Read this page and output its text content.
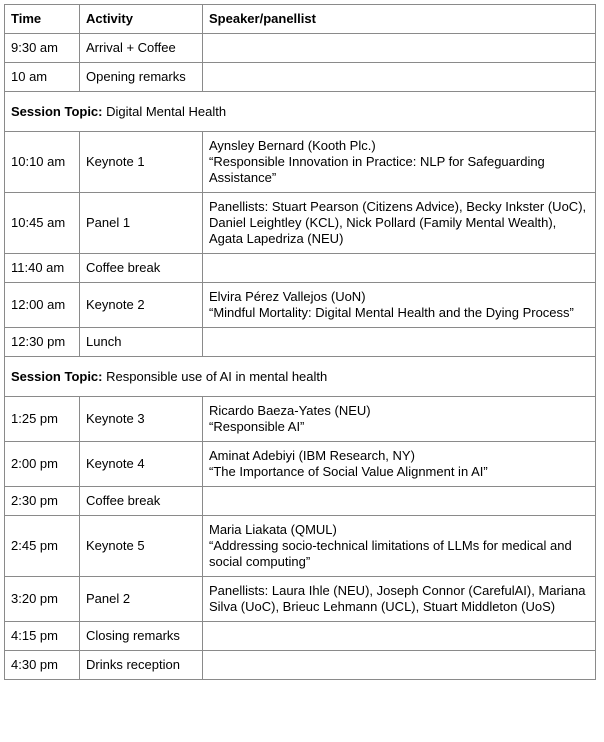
Time	Activity	Speaker/panellist
9:30 am	Arrival + Coffee	
10 am	Opening remarks	
Session Topic: Digital Mental Health		
10:10 am	Keynote 1	Aynsley Bernard (Kooth Plc.)
“Responsible Innovation in Practice: NLP for Safeguarding Assistance”

10:45 am	Panel 1	Panellists: Stuart Pearson (Citizens Advice), Becky Inkster (UoC), Daniel Leightley (KCL), Nick Pollard (Family Mental Wealth), Agata Lapedriza (NEU)

11:40 am	Coffee break	
12:00 am	Keynote 2	Elvira Pérez Vallejos (UoN)
“Mindful Mortality: Digital Mental Health and the Dying Process”

12:30 pm	Lunch	
Session Topic: Responsible use of AI in mental health		
1:25 pm	Keynote 3	Ricardo Baeza-Yates (NEU)
“Responsible AI”

2:00 pm	Keynote 4	Aminat Adebiyi (IBM Research, NY)
“The Importance of Social Value Alignment in AI”

2:30 pm	Coffee break	
2:45 pm	Keynote 5	Maria Liakata (QMUL)
“Addressing socio-technical limitations of LLMs for medical and social computing”

3:20 pm	Panel 2	Panellists: Laura Ihle (NEU), Joseph Connor (CarefulAI), Mariana Silva (UoC), Brieuc Lehmann (UCL), Stuart Middleton (UoS)

4:15 pm	Closing remarks	
4:30 pm	Drinks reception	
